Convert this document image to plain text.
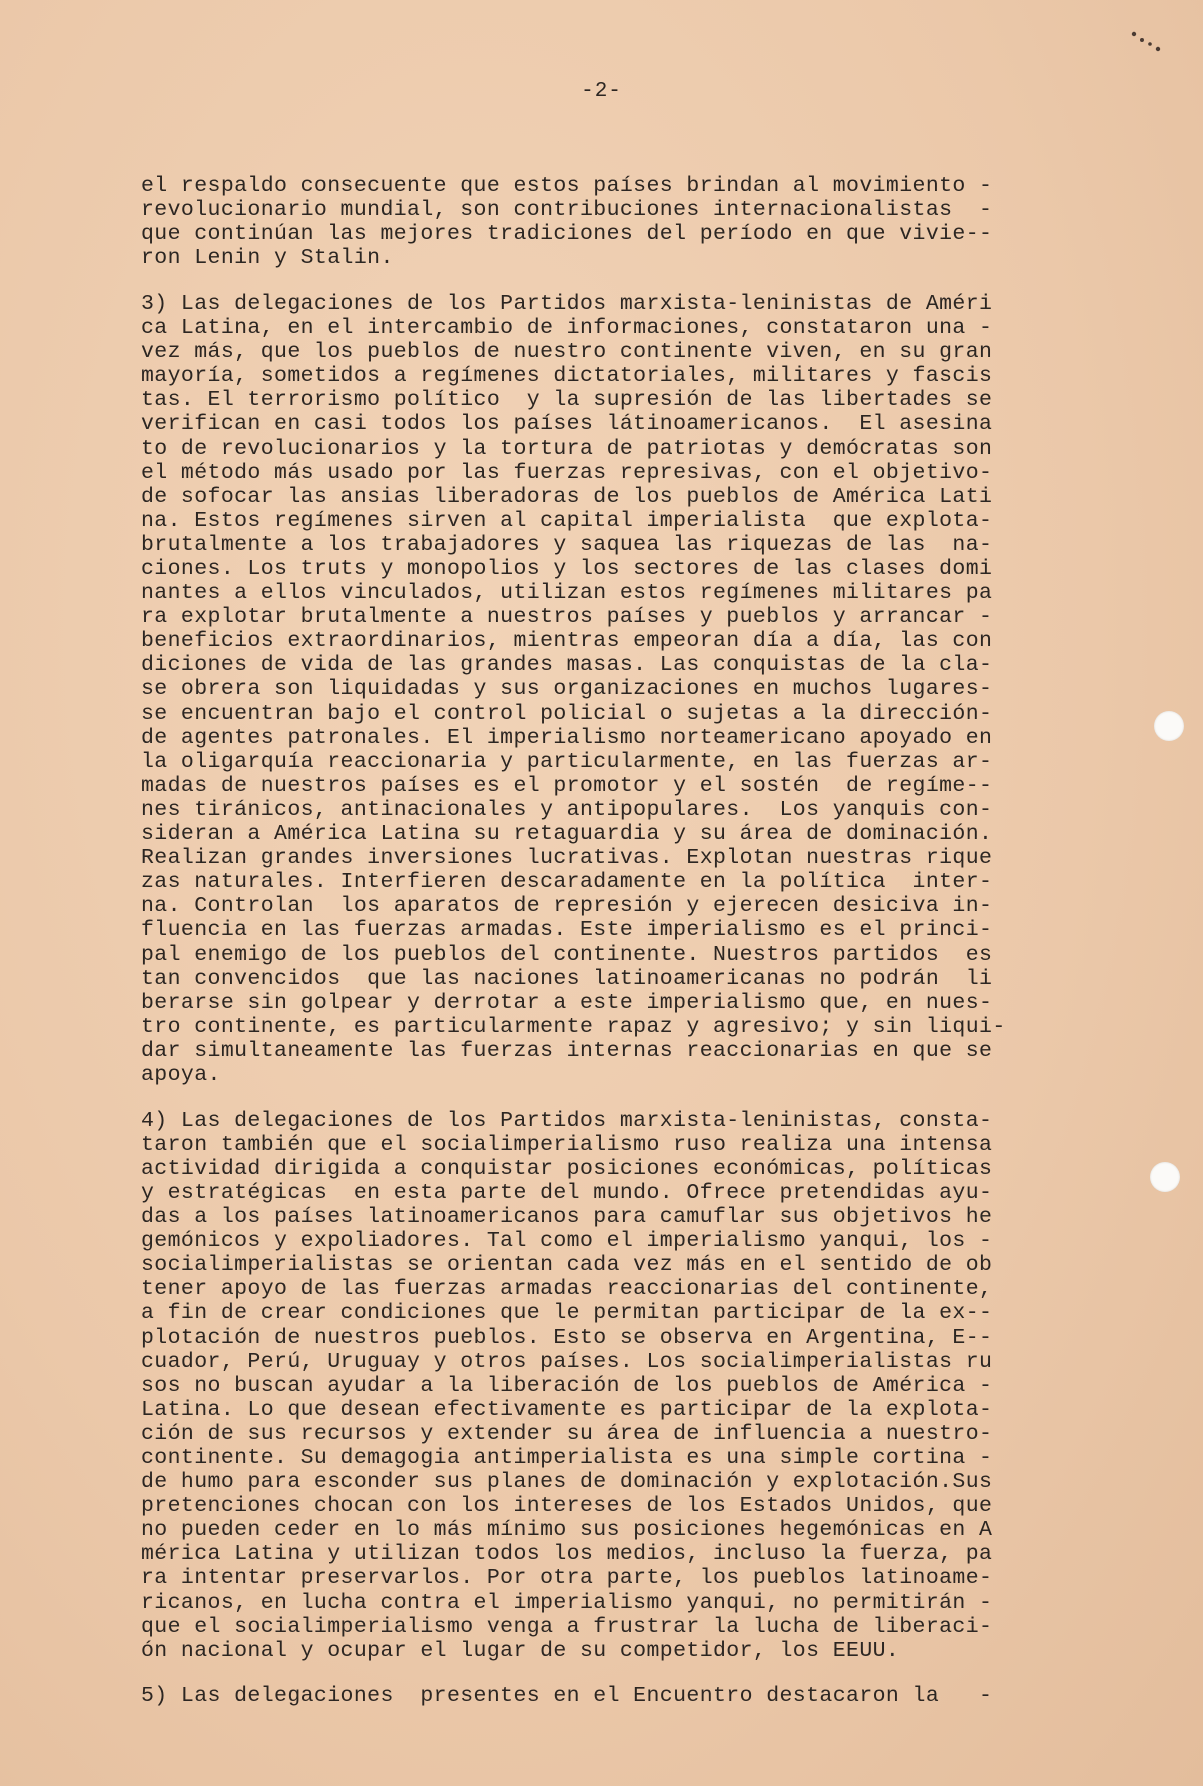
-2-
el respaldo consecuente que estos países brindan al movimiento -
revolucionario mundial, son contribuciones internacionalistas  -
que continúan las mejores tradiciones del período en que vivie--
ron Lenin y Stalin.
3) Las delegaciones de los Partidos marxista-leninistas de Améri
ca Latina, en el intercambio de informaciones, constataron una -
vez más, que los pueblos de nuestro continente viven, en su gran
mayoría, sometidos a regímenes dictatoriales, militares y fascis
tas. El terrorismo político  y la supresión de las libertades se
verifican en casi todos los países látinoamericanos.  El asesina
to de revolucionarios y la tortura de patriotas y demócratas son
el método más usado por las fuerzas represivas, con el objetivo-
de sofocar las ansias liberadoras de los pueblos de América Lati
na. Estos regímenes sirven al capital imperialista  que explota-
brutalmente a los trabajadores y saquea las riquezas de las  na-
ciones. Los truts y monopolios y los sectores de las clases domi
nantes a ellos vinculados, utilizan estos regímenes militares pa
ra explotar brutalmente a nuestros países y pueblos y arrancar -
beneficios extraordinarios, mientras empeoran día a día, las con
diciones de vida de las grandes masas. Las conquistas de la cla-
se obrera son liquidadas y sus organizaciones en muchos lugares-
se encuentran bajo el control policial o sujetas a la dirección-
de agentes patronales. El imperialismo norteamericano apoyado en
la oligarquía reaccionaria y particularmente, en las fuerzas ar-
madas de nuestros países es el promotor y el sostén  de regíme--
nes tiránicos, antinacionales y antipopulares.  Los yanquis con-
sideran a América Latina su retaguardia y su área de dominación.
Realizan grandes inversiones lucrativas. Explotan nuestras rique
zas naturales. Interfieren descaradamente en la política  inter-
na. Controlan  los aparatos de represión y ejerecen desiciva in-
fluencia en las fuerzas armadas. Este imperialismo es el princi-
pal enemigo de los pueblos del continente. Nuestros partidos  es
tan convencidos  que las naciones latinoamericanas no podrán  li
berarse sin golpear y derrotar a este imperialismo que, en nues-
tro continente, es particularmente rapaz y agresivo; y sin liqui-
dar simultaneamente las fuerzas internas reaccionarias en que se
apoya.
4) Las delegaciones de los Partidos marxista-leninistas, consta-
taron también que el socialimperialismo ruso realiza una intensa
actividad dirigida a conquistar posiciones económicas, políticas
y estratégicas  en esta parte del mundo. Ofrece pretendidas ayu-
das a los países latinoamericanos para camuflar sus objetivos he
gemónicos y expoliadores. Tal como el imperialismo yanqui, los -
socialimperialistas se orientan cada vez más en el sentido de ob
tener apoyo de las fuerzas armadas reaccionarias del continente,
a fin de crear condiciones que le permitan participar de la ex--
plotación de nuestros pueblos. Esto se observa en Argentina, E--
cuador, Perú, Uruguay y otros países. Los socialimperialistas ru
sos no buscan ayudar a la liberación de los pueblos de América -
Latina. Lo que desean efectivamente es participar de la explota-
ción de sus recursos y extender su área de influencia a nuestro-
continente. Su demagogia antimperialista es una simple cortina -
de humo para esconder sus planes de dominación y explotación.Sus
pretenciones chocan con los intereses de los Estados Unidos, que
no pueden ceder en lo más mínimo sus posiciones hegemónicas en A
mérica Latina y utilizan todos los medios, incluso la fuerza, pa
ra intentar preservarlos. Por otra parte, los pueblos latinoame-
ricanos, en lucha contra el imperialismo yanqui, no permitirán -
que el socialimperialismo venga a frustrar la lucha de liberaci-
ón nacional y ocupar el lugar de su competidor, los EEUU.
5) Las delegaciones  presentes en el Encuentro destacaron la   -
